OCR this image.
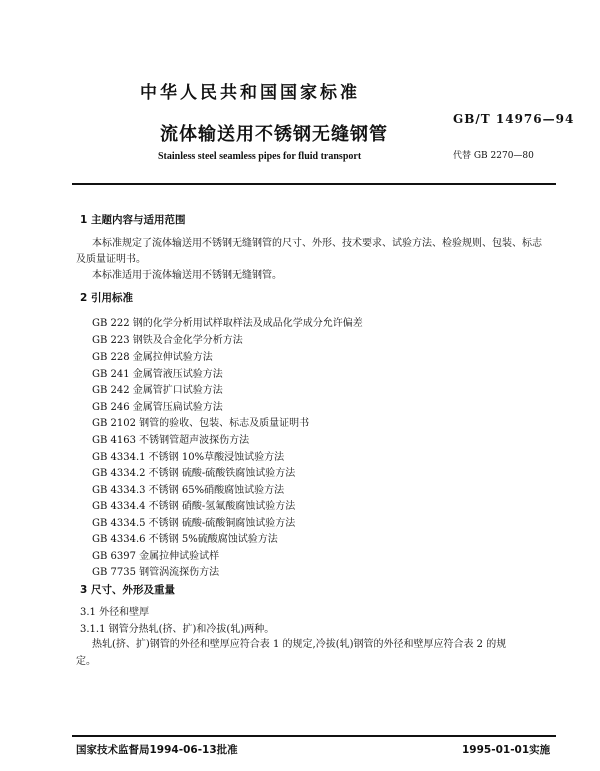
中华人民共和国国家标准
GB/T 14976—94
流体输送用不锈钢无缝钢管
代替 GB 2270—80
Stainless steel seamless pipes for fluid transport
1 主题内容与适用范围
本标准规定了流体输送用不锈钢无缝钢管的尺寸、外形、技术要求、试验方法、检验规则、包装、标志
及质量证明书。
本标准适用于流体输送用不锈钢无缝钢管。
2 引用标准
GB 222 钢的化学分析用试样取样法及成品化学成分允许偏差
GB 223 钢铁及合金化学分析方法
GB 228 金属拉伸试验方法
GB 241 金属管液压试验方法
GB 242 金属管扩口试验方法
GB 246 金属管压扁试验方法
GB 2102 钢管的验收、包装、标志及质量证明书
GB 4163 不锈钢管超声波探伤方法
GB 4334.1 不锈钢 10%草酸浸蚀试验方法
GB 4334.2 不锈钢 硫酸-硫酸铁腐蚀试验方法
GB 4334.3 不锈钢 65%硝酸腐蚀试验方法
GB 4334.4 不锈钢 硝酸-氢氟酸腐蚀试验方法
GB 4334.5 不锈钢 硫酸-硫酸铜腐蚀试验方法
GB 4334.6 不锈钢 5%硫酸腐蚀试验方法
GB 6397 金属拉伸试验试样
GB 7735 钢管涡流探伤方法
3 尺寸、外形及重量
3.1 外径和壁厚
3.1.1 钢管分热轧(挤、扩)和冷拔(轧)两种。
热轧(挤、扩)钢管的外径和壁厚应符合表 1 的规定,冷拔(轧)钢管的外径和壁厚应符合表 2 的规
定。
国家技术监督局1994-06-13批准	1995-01-01实施
